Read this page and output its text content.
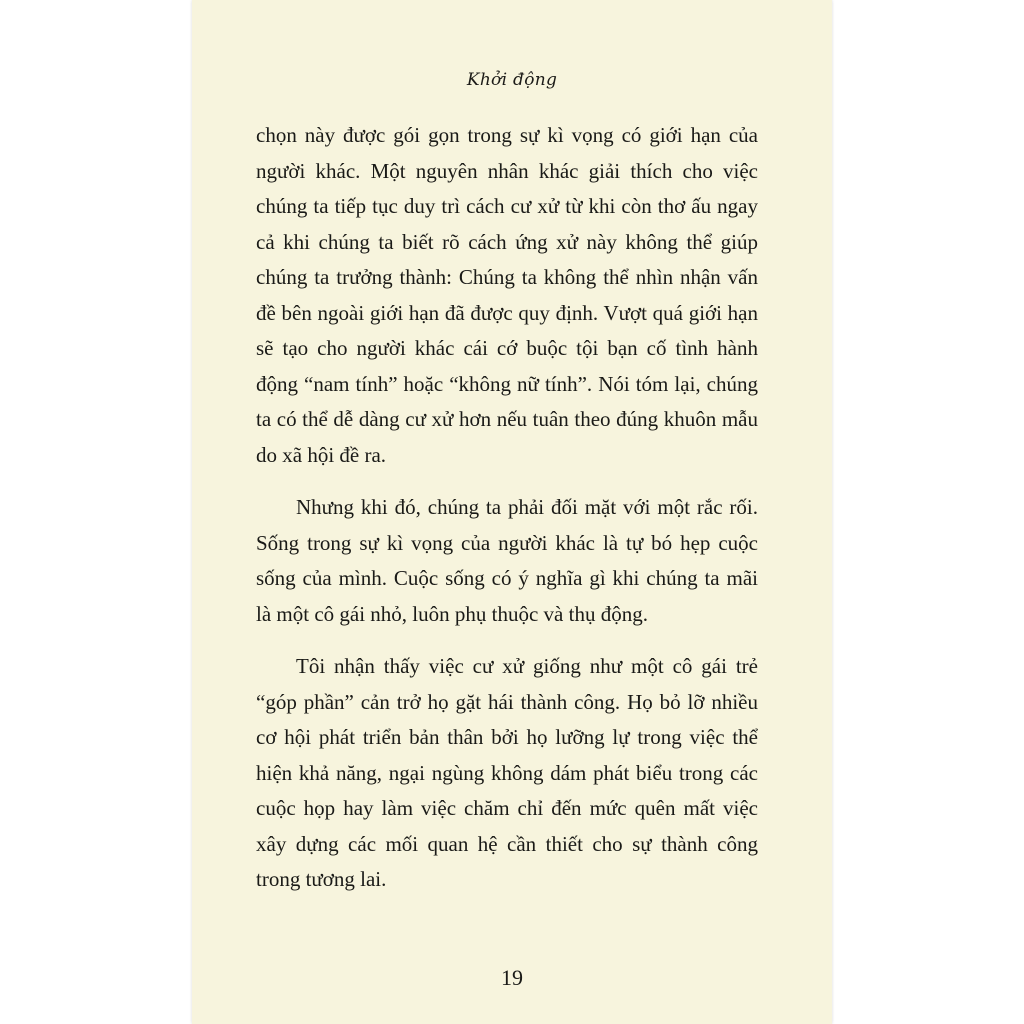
Khởi động

chọn này được gói gọn trong sự kì vọng có giới hạn của người khác. Một nguyên nhân khác giải thích cho việc chúng ta tiếp tục duy trì cách cư xử từ khi còn thơ ấu ngay cả khi chúng ta biết rõ cách ứng xử này không thể giúp chúng ta trưởng thành: Chúng ta không thể nhìn nhận vấn đề bên ngoài giới hạn đã được quy định. Vượt quá giới hạn sẽ tạo cho người khác cái cớ buộc tội bạn cố tình hành động “nam tính” hoặc “không nữ tính”. Nói tóm lại, chúng ta có thể dễ dàng cư xử hơn nếu tuân theo đúng khuôn mẫu do xã hội đề ra.

Nhưng khi đó, chúng ta phải đối mặt với một rắc rối. Sống trong sự kì vọng của người khác là tự bó hẹp cuộc sống của mình. Cuộc sống có ý nghĩa gì khi chúng ta mãi là một cô gái nhỏ, luôn phụ thuộc và thụ động.

Tôi nhận thấy việc cư xử giống như một cô gái trẻ “góp phần” cản trở họ gặt hái thành công. Họ bỏ lỡ nhiều cơ hội phát triển bản thân bởi họ lưỡng lự trong việc thể hiện khả năng, ngại ngùng không dám phát biểu trong các cuộc họp hay làm việc chăm chỉ đến mức quên mất việc xây dựng các mối quan hệ cần thiết cho sự thành công trong tương lai.

19
